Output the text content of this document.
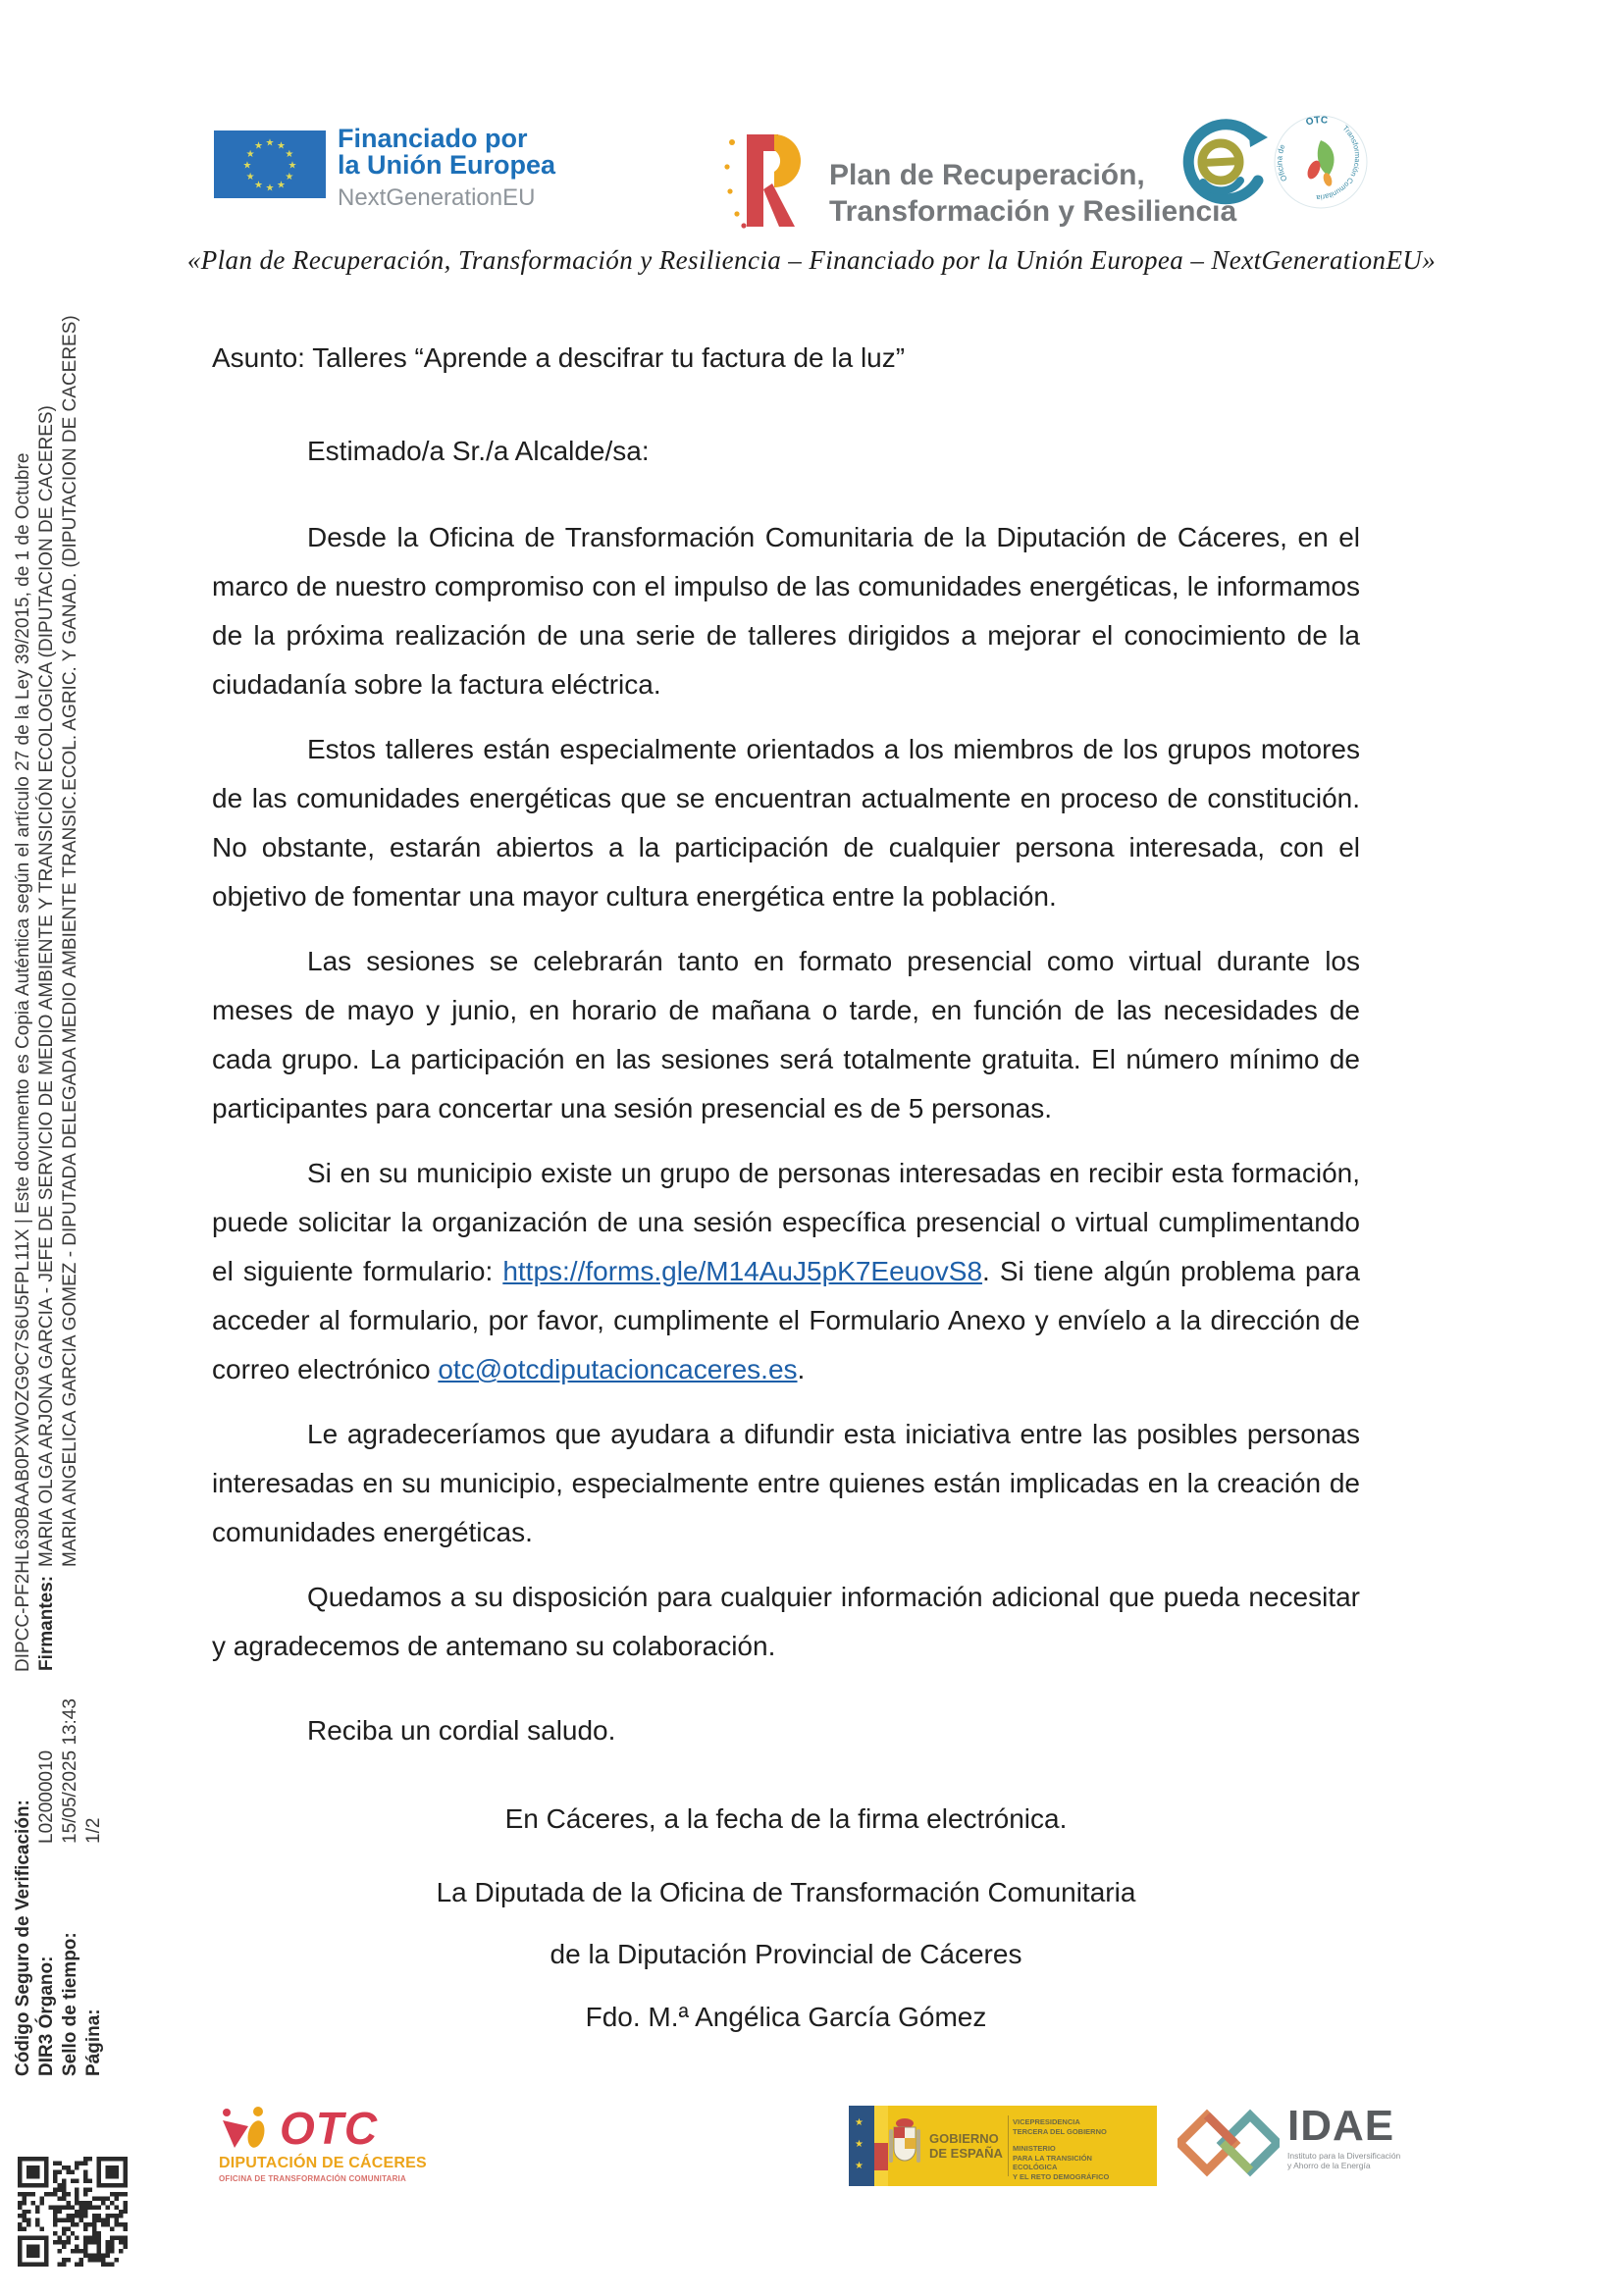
★ ★
★
★
★
★
★
★
★
★
★
★	Financiado por
la Unión Europea
NextGenerationEU
Plan de Recuperación,
Transformación y Resiliencia
Oficina de
OTC
Transformación Comunitaria
«Plan de Recuperación, Transformación y Resiliencia – Financiado por la Unión Europea – NextGenerationEU»

Asunto: Talleres “Aprende a descifrar tu factura de la luz”

Estimado/a Sr./a Alcalde/sa:

Desde la Oficina de Transformación Comunitaria de la Diputación de Cáceres, en el marco de nuestro compromiso con el impulso de las comunidades energéticas, le informamos de la próxima realización de una serie de talleres dirigidos a mejorar el conocimiento de la ciudadanía sobre la factura eléctrica.

Estos talleres están especialmente orientados a los miembros de los grupos motores de las comunidades energéticas que se encuentran actualmente en proceso de constitución. No obstante, estarán abiertos a la participación de cualquier persona interesada, con el objetivo de fomentar una mayor cultura energética entre la población.

Las sesiones se celebrarán tanto en formato presencial como virtual durante los meses de mayo y junio, en horario de mañana o tarde, en función de las necesidades de cada grupo. La participación en las sesiones será totalmente gratuita. El número mínimo de participantes para concertar una sesión presencial es de 5 personas.

Si en su municipio existe un grupo de personas interesadas en recibir esta formación, puede solicitar la organización de una sesión específica presencial o virtual cumplimentando el siguiente formulario: https://forms.gle/M14AuJ5pK7EeuovS8. Si tiene algún problema para acceder al formulario, por favor, cumplimente el Formulario Anexo y envíelo a la dirección de correo electrónico otc@otcdiputacioncaceres.es.

Le agradeceríamos que ayudara a difundir esta iniciativa entre las posibles personas interesadas en su municipio, especialmente entre quienes están implicadas en la creación de comunidades energéticas.

Quedamos a su disposición para cualquier información adicional que pueda necesitar y agradecemos de antemano su colaboración.

Reciba un cordial saludo.

En Cáceres, a la fecha de la firma electrónica.

La Diputada de la Oficina de Transformación Comunitaria

de la Diputación Provincial de Cáceres

Fdo. M.ª Angélica García Gómez

Código Seguro de Verificación:DIPCC-PF2HL630BAAB0PXWOZG9C7S6U5FPL11X | Este documento es Copia Auténtica según el artículo 27 de la Ley 39/2015, de 1 de Octubre
DIR3 Órgano:L02000010Firmantes:MARIA OLGA ARJONA GARCIA - JEFE DE SERVICIO DE MEDIO AMBIENTE Y TRANSICIÓN ECOLOGICA (DIPUTACION DE CACERES)
Sello de tiempo:15/05/2025 13:43MARIA ANGELICA GARCIA GOMEZ - DIPUTADA DELEGADA MEDIO AMBIENTE TRANSIC.ECOL. AGRIC. Y GANAD. (DIPUTACION DE CACERES)
Página:1/2
OTC
DIPUTACIÓN DE CÁCERES
OFICINA DE TRANSFORMACIÓN COMUNITARIA
★
★
★
GOBIERNO
DE ESPAÑA
VICEPRESIDENCIA
TERCERA DEL GOBIERNO
MINISTERIO
PARA LA TRANSICIÓN ECOLÓGICA
Y EL RETO DEMOGRÁFICO
IDAE
Instituto para la Diversificación
y Ahorro de la Energía
